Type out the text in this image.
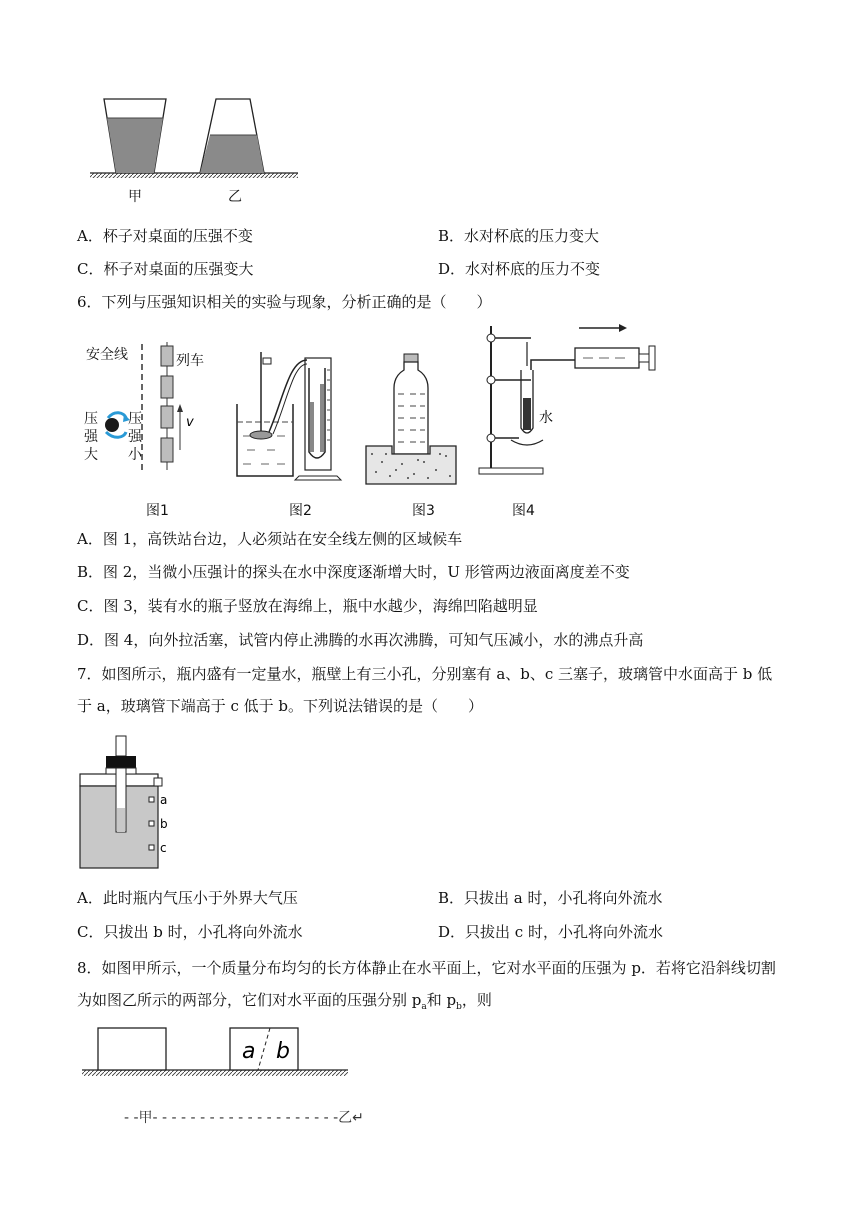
甲	乙
A．杯子对桌面的压强不变	B．水对杯底的压力变大
C．杯子对桌面的压强变大	D．水对杯底的压力不变
6．下列与压强知识相关的实验与现象，分析正确的是（　　）
v
安全线	列车
压
强
大
压
强
小
水
图1	图2	图3	图4
A．图 1，高铁站台边，人必须站在安全线左侧的区域候车
B．图 2，当微小压强计的探头在水中深度逐渐增大时，U 形管两边液面离度差不变
C．图 3，装有水的瓶子竖放在海绵上，瓶中水越少，海绵凹陷越明显
D．图 4，向外拉活塞，试管内停止沸腾的水再次沸腾，可知气压减小，水的沸点升高
7．如图所示，瓶内盛有一定量水，瓶壁上有三小孔，分别塞有 a、b、c 三塞子，玻璃管中水面高于 b 低
于 a，玻璃管下端高于 c 低于 b。下列说法错误的是（　　）
a
b
c
A．此时瓶内气压小于外界大气压	B．只拔出 a 时，小孔将向外流水
C．只拔出 b 时，小孔将向外流水	D．只拔出 c 时，小孔将向外流水
8．如图甲所示，一个质量分布均匀的长方体静止在水平面上，它对水平面的压强为 p．若将它沿斜线切割
为如图乙所示的两部分，它们对水平面的压强分别 $p_a$和 $p_b$，则
a b
- -甲- - - - - - - - - - - - - - - - - - - -乙↵
